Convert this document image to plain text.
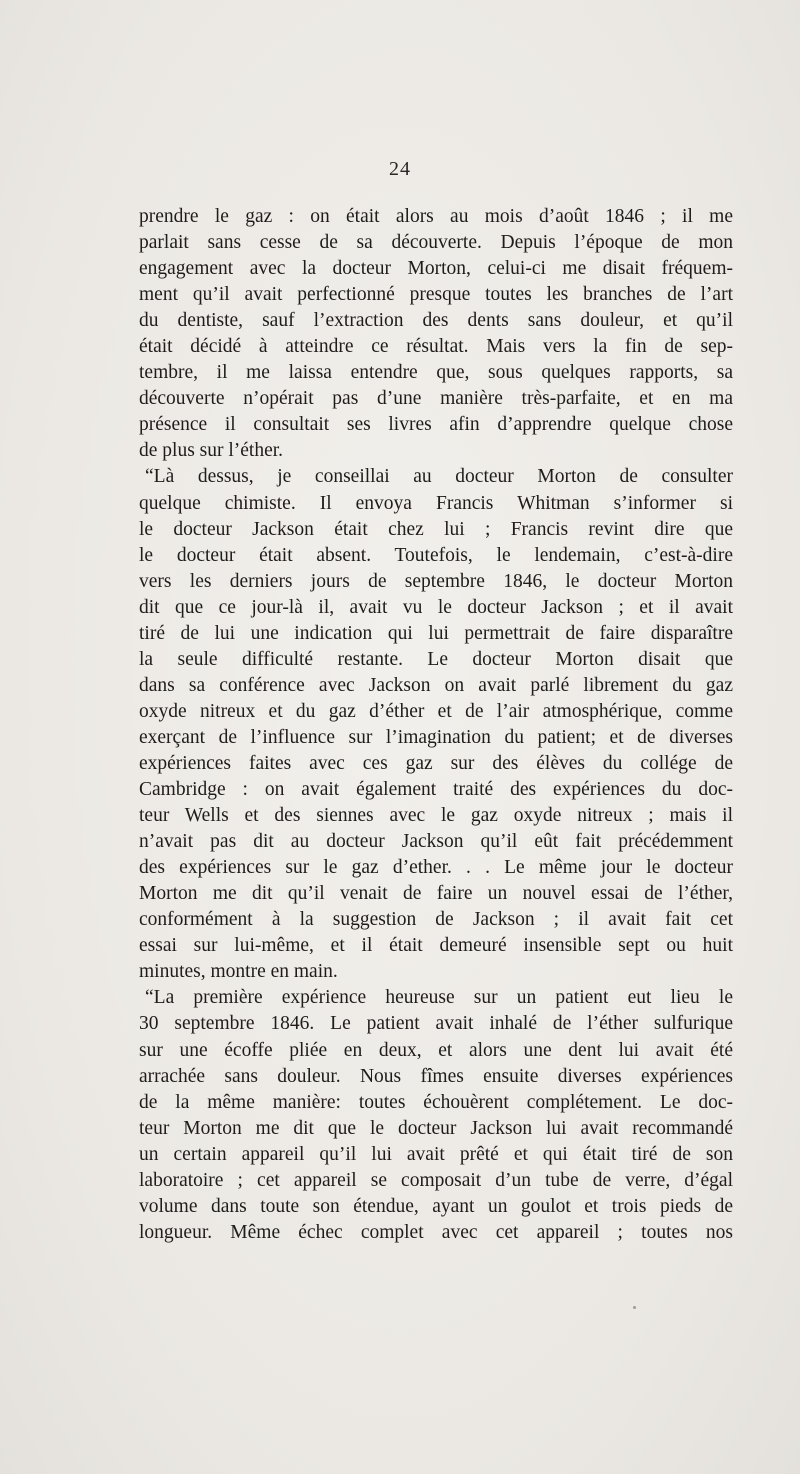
24
prendre le gaz : on était alors au mois d’août 1846 ; il me
parlait sans cesse de sa découverte. Depuis l’époque de mon
engagement avec la docteur Morton, celui-ci me disait fréquem-
ment qu’il avait perfectionné presque toutes les branches de l’art
du dentiste, sauf l’extraction des dents sans douleur, et qu’il
était décidé à atteindre ce résultat. Mais vers la fin de sep-
tembre, il me laissa entendre que, sous quelques rapports, sa
découverte n’opérait pas d’une manière très-parfaite, et en ma
présence il consultait ses livres afin d’apprendre quelque chose
de plus sur l’éther.
“Là dessus, je conseillai au docteur Morton de consulter
quelque chimiste. Il envoya Francis Whitman s’informer si
le docteur Jackson était chez lui ; Francis revint dire que
le docteur était absent. Toutefois, le lendemain, c’est-à-dire
vers les derniers jours de septembre 1846, le docteur Morton
dit que ce jour-là il, avait vu le docteur Jackson ; et il avait
tiré de lui une indication qui lui permettrait de faire disparaître
la seule difficulté restante. Le docteur Morton disait que
dans sa conférence avec Jackson on avait parlé librement du gaz
oxyde nitreux et du gaz d’éther et de l’air atmosphérique, comme
exerçant de l’influence sur l’imagination du patient; et de diverses
expériences faites avec ces gaz sur des élèves du collége de
Cambridge : on avait également traité des expériences du doc-
teur Wells et des siennes avec le gaz oxyde nitreux ; mais il
n’avait pas dit au docteur Jackson qu’il eût fait précédemment
des expériences sur le gaz d’ether. . . Le même jour le docteur
Morton me dit qu’il venait de faire un nouvel essai de l’éther,
conformément à la suggestion de Jackson ; il avait fait cet
essai sur lui-même, et il était demeuré insensible sept ou huit
minutes, montre en main.
“La première expérience heureuse sur un patient eut lieu le
30 septembre 1846. Le patient avait inhalé de l’éther sulfurique
sur une écoffe pliée en deux, et alors une dent lui avait été
arrachée sans douleur. Nous fîmes ensuite diverses expériences
de la même manière: toutes échouèrent complétement. Le doc-
teur Morton me dit que le docteur Jackson lui avait recommandé
un certain appareil qu’il lui avait prêté et qui était tiré de son
laboratoire ; cet appareil se composait d’un tube de verre, d’égal
volume dans toute son étendue, ayant un goulot et trois pieds de
longueur. Même échec complet avec cet appareil ; toutes nos
